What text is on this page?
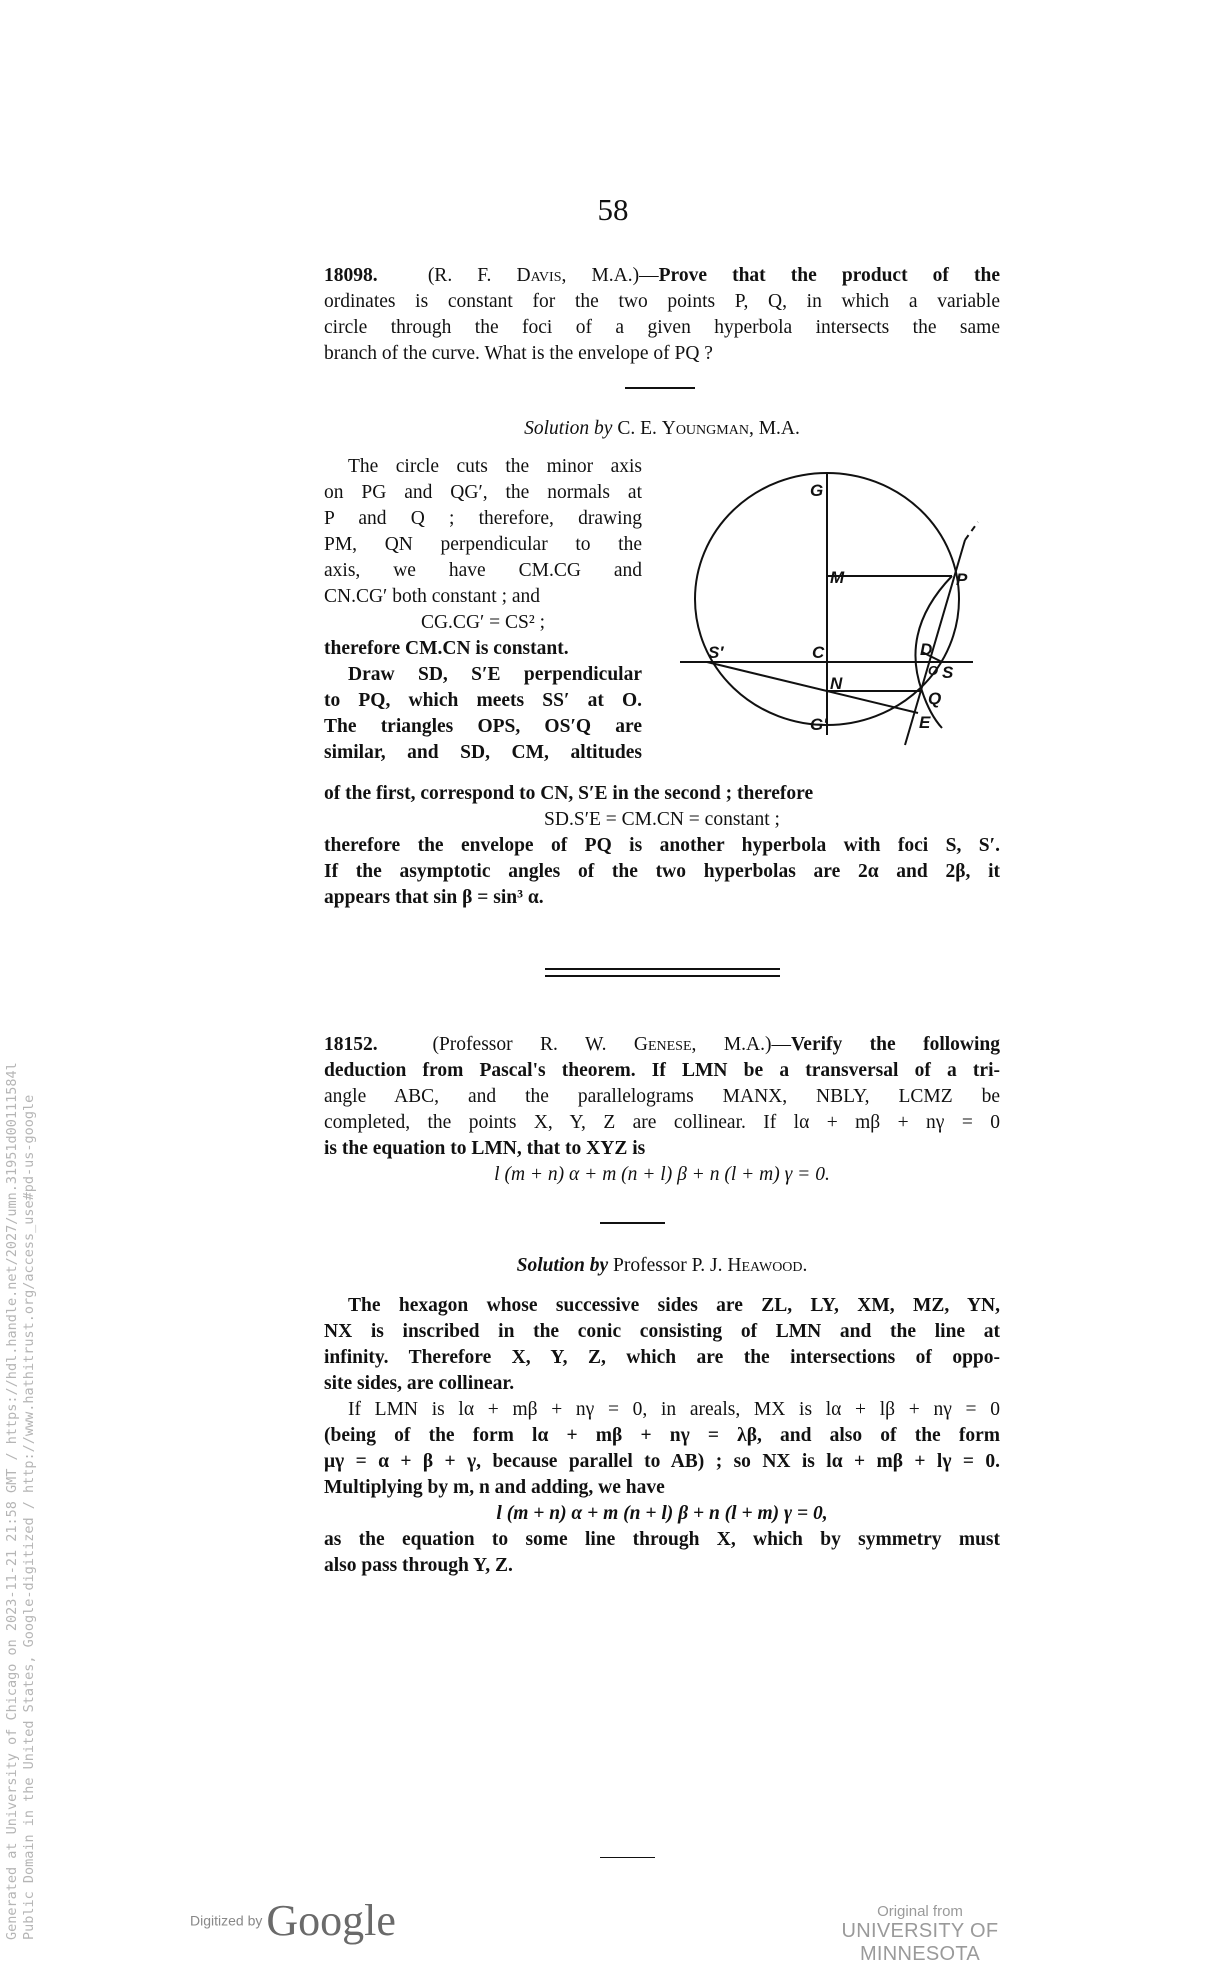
58
18098.	(R. F. Davis, M.A.)—Prove that the product of the
ordinates is constant for the two points P, Q, in which a variable
circle through the foci of a given hyperbola intersects the same
branch of the curve. What is the envelope of PQ ?
Solution by C. E. Youngman, M.A.
The circle cuts the minor axis
on PG and QG′, the normals at
P and Q ; therefore, drawing
PM, QN perpendicular to the
axis, we have CM.CG and
CN.CG′ both constant ; and
CG.CG′ = CS² ;
therefore CM.CN is constant.
Draw SD, S′E perpendicular
to PQ, which meets SS′ at O.
The triangles OPS, OS′Q are
similar, and SD, CM, altitudes
G
M	P
C
S′	D
O S
N
Q
G′	E
of the first, correspond to CN, S′E in the second ; therefore
SD.S′E = CM.CN = constant ;
therefore the envelope of PQ is another hyperbola with foci S, S′.
If the asymptotic angles of the two hyperbolas are 2α and 2β, it
appears that sin β = sin³ α.
18152.	(Professor R. W. Genese, M.A.)—Verify the following
deduction from Pascal's theorem. If LMN be a transversal of a tri-
angle ABC, and the parallelograms MANX, NBLY, LCMZ be
completed, the points X, Y, Z are collinear. If lα + mβ + nγ = 0
is the equation to LMN, that to XYZ is
l (m + n) α + m (n + l) β + n (l + m) γ = 0.
Solution by Professor P. J. Heawood.
The hexagon whose successive sides are ZL, LY, XM, MZ, YN,
NX is inscribed in the conic consisting of LMN and the line at
infinity. Therefore X, Y, Z, which are the intersections of oppo-
site sides, are collinear.
If LMN is lα + mβ + nγ = 0, in areals, MX is lα + lβ + nγ = 0
(being of the form lα + mβ + nγ = λβ, and also of the form
μγ = α + β + γ, because parallel to AB) ; so NX is lα + mβ + lγ = 0.
Multiplying by m, n and adding, we have
l (m + n) α + m (n + l) β + n (l + m) γ = 0,
as the equation to some line through X, which by symmetry must
also pass through Y, Z.
Generated at University of Chicago on 2023-11-21 21:58 GMT / https://hdl.handle.net/2027/umn.31951d00111584l Public Domain in the United States, Google-digitized / http://www.hathitrust.org/access_use#pd-us-google	Digitized byGoogle	Original from
UNIVERSITY OF MINNESOTA
